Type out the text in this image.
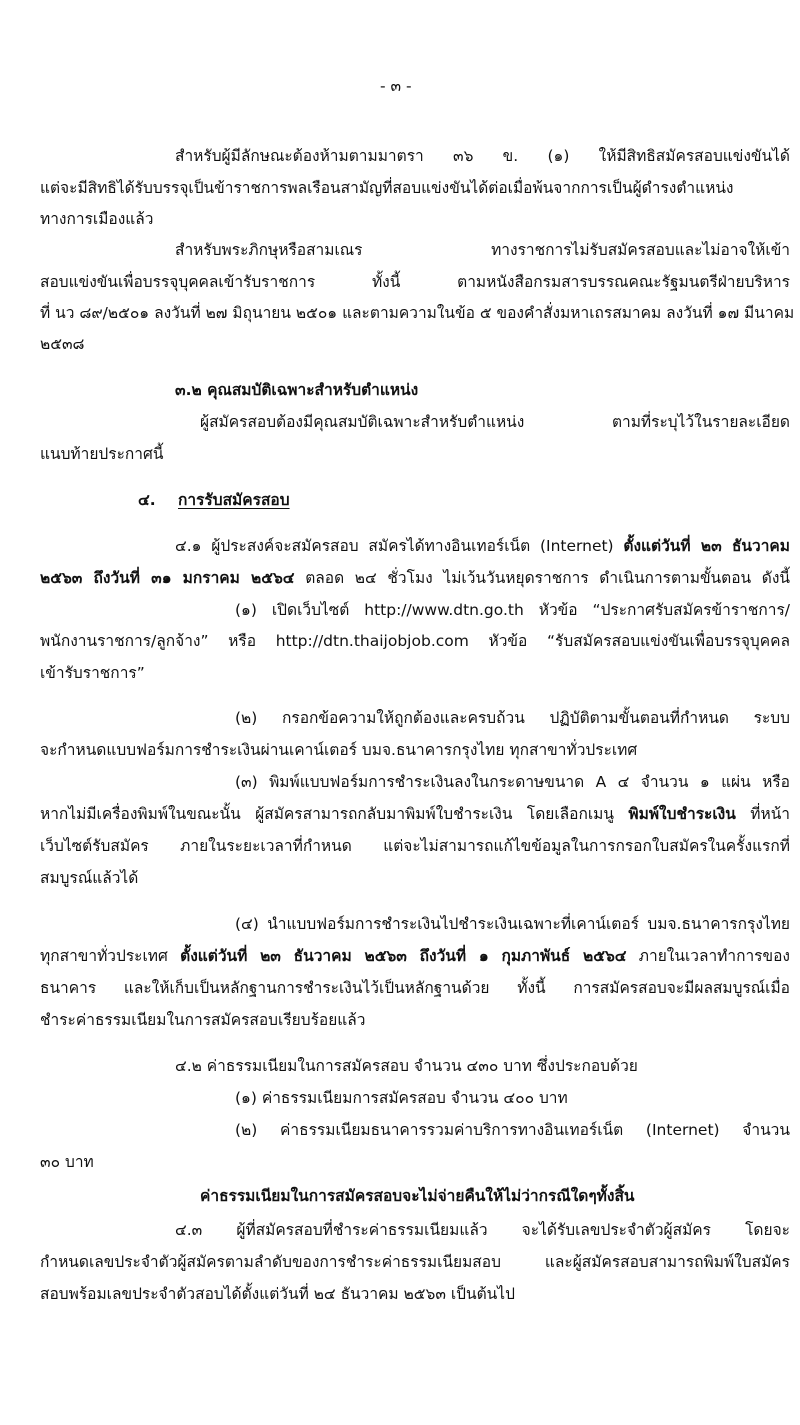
- ๓ -
สำหรับผู้มีลักษณะต้องห้ามตามมาตรา ๓๖ ข. (๑) ให้มีสิทธิสมัครสอบแข่งขันได้
แต่จะมีสิทธิได้รับบรรจุเป็นข้าราชการพลเรือนสามัญที่สอบแข่งขันได้ต่อเมื่อพ้นจากการเป็นผู้ดำรงตำแหน่ง
ทางการเมืองแล้ว
สำหรับพระภิกษุหรือสามเณร ทางราชการไม่รับสมัครสอบและไม่อาจให้เข้า
สอบแข่งขันเพื่อบรรจุบุคคลเข้ารับราชการ ทั้งนี้ ตามหนังสือกรมสารบรรณคณะรัฐมนตรีฝ่ายบริหาร
ที่ นว ๘๙/๒๕๐๑ ลงวันที่ ๒๗ มิถุนายน ๒๕๐๑ และตามความในข้อ ๕ ของคำสั่งมหาเถรสมาคม ลงวันที่ ๑๗ มีนาคม
๒๕๓๘
๓.๒ คุณสมบัติเฉพาะสำหรับตำแหน่ง
ผู้สมัครสอบต้องมีคุณสมบัติเฉพาะสำหรับตำแหน่ง ตามที่ระบุไว้ในรายละเอียด
แนบท้ายประกาศนี้
๔.	การรับสมัครสอบ
๔.๑ ผู้ประสงค์จะสมัครสอบ สมัครได้ทางอินเทอร์เน็ต (Internet) ตั้งแต่วันที่ ๒๓ ธันวาคม
๒๕๖๓ ถึงวันที่ ๓๑ มกราคม ๒๕๖๔ ตลอด ๒๔ ชั่วโมง ไม่เว้นวันหยุดราชการ ดำเนินการตามขั้นตอน ดังนี้
(๑) เปิดเว็บไซต์ http://www.dtn.go.th หัวข้อ “ประกาศรับสมัครข้าราชการ/
พนักงานราชการ/ลูกจ้าง” หรือ http://dtn.thaijobjob.com หัวข้อ “รับสมัครสอบแข่งขันเพื่อบรรจุบุคคล
เข้ารับราชการ”
(๒) กรอกข้อความให้ถูกต้องและครบถ้วน ปฏิบัติตามขั้นตอนที่กำหนด ระบบ
จะกำหนดแบบฟอร์มการชำระเงินผ่านเคาน์เตอร์ บมจ.ธนาคารกรุงไทย ทุกสาขาทั่วประเทศ
(๓) พิมพ์แบบฟอร์มการชำระเงินลงในกระดาษขนาด A ๔ จำนวน ๑ แผ่น หรือ
หากไม่มีเครื่องพิมพ์ในขณะนั้น ผู้สมัครสามารถกลับมาพิมพ์ใบชำระเงิน โดยเลือกเมนู พิมพ์ใบชำระเงิน ที่หน้า
เว็บไซต์รับสมัคร ภายในระยะเวลาที่กำหนด แต่จะไม่สามารถแก้ไขข้อมูลในการกรอกใบสมัครในครั้งแรกที่
สมบูรณ์แล้วได้
(๔) นำแบบฟอร์มการชำระเงินไปชำระเงินเฉพาะที่เคาน์เตอร์ บมจ.ธนาคารกรุงไทย
ทุกสาขาทั่วประเทศ ตั้งแต่วันที่ ๒๓ ธันวาคม ๒๕๖๓ ถึงวันที่ ๑ กุมภาพันธ์ ๒๕๖๔ ภายในเวลาทำการของ
ธนาคาร และให้เก็บเป็นหลักฐานการชำระเงินไว้เป็นหลักฐานด้วย ทั้งนี้ การสมัครสอบจะมีผลสมบูรณ์เมื่อ
ชำระค่าธรรมเนียมในการสมัครสอบเรียบร้อยแล้ว
๔.๒ ค่าธรรมเนียมในการสมัครสอบ จำนวน ๔๓๐ บาท ซึ่งประกอบด้วย
(๑) ค่าธรรมเนียมการสมัครสอบ จำนวน ๔๐๐ บาท
(๒) ค่าธรรมเนียมธนาคารรวมค่าบริการทางอินเทอร์เน็ต (Internet) จำนวน
๓๐ บาท
ค่าธรรมเนียมในการสมัครสอบจะไม่จ่ายคืนให้ไม่ว่ากรณีใดๆทั้งสิ้น
๔.๓ ผู้ที่สมัครสอบที่ชำระค่าธรรมเนียมแล้ว จะได้รับเลขประจำตัวผู้สมัคร โดยจะ
กำหนดเลขประจำตัวผู้สมัครตามลำดับของการชำระค่าธรรมเนียมสอบ และผู้สมัครสอบสามารถพิมพ์ใบสมัคร
สอบพร้อมเลขประจำตัวสอบได้ตั้งแต่วันที่ ๒๔ ธันวาคม ๒๕๖๓ เป็นต้นไป
